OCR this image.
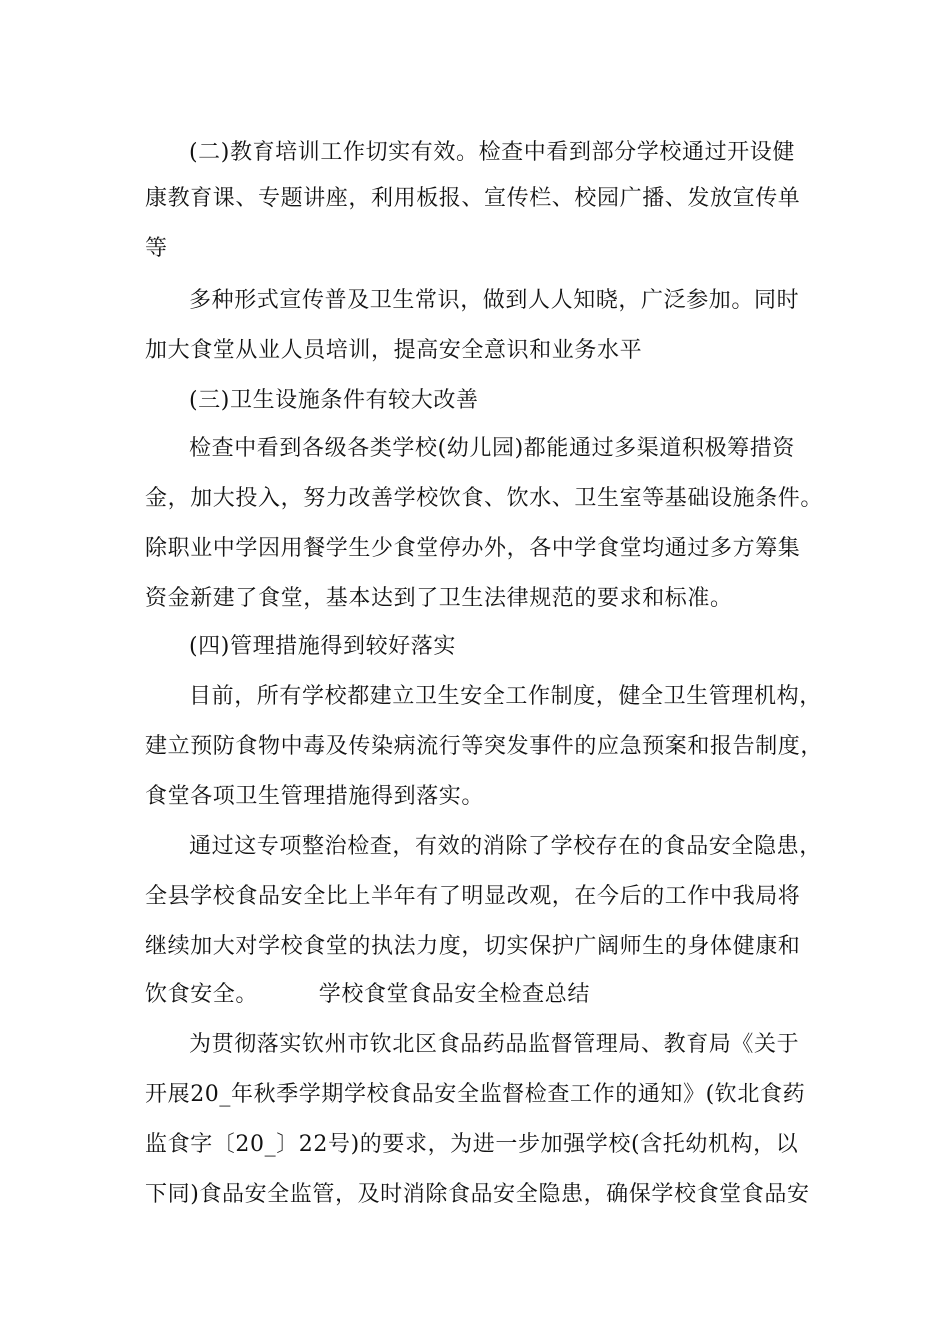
(二)教育培训工作切实有效。检查中看到部分学校通过开设健
康教育课、专题讲座，利用板报、宣传栏、校园广播、发放宣传单
等
多种形式宣传普及卫生常识，做到人人知晓，广泛参加。同时
加大食堂从业人员培训，提高安全意识和业务水平
(三)卫生设施条件有较大改善
检查中看到各级各类学校(幼儿园)都能通过多渠道积极筹措资
金，加大投入，努力改善学校饮食、饮水、卫生室等基础设施条件。
除职业中学因用餐学生少食堂停办外，各中学食堂均通过多方筹集
资金新建了食堂，基本达到了卫生法律规范的要求和标准。
(四)管理措施得到较好落实
目前，所有学校都建立卫生安全工作制度，健全卫生管理机构，
建立预防食物中毒及传染病流行等突发事件的应急预案和报告制度，
食堂各项卫生管理措施得到落实。
通过这专项整治检查，有效的消除了学校存在的食品安全隐患，
全县学校食品安全比上半年有了明显改观，在今后的工作中我局将
继续加大对学校食堂的执法力度，切实保护广阔师生的身体健康和
饮食安全。        学校食堂食品安全检查总结
为贯彻落实钦州市钦北区食品药品监督管理局、教育局《关于
开展20_年秋季学期学校食品安全监督检查工作的通知》(钦北食药
监食字〔20_〕22号)的要求，为进一步加强学校(含托幼机构，以
下同)食品安全监管，及时消除食品安全隐患，确保学校食堂食品安
